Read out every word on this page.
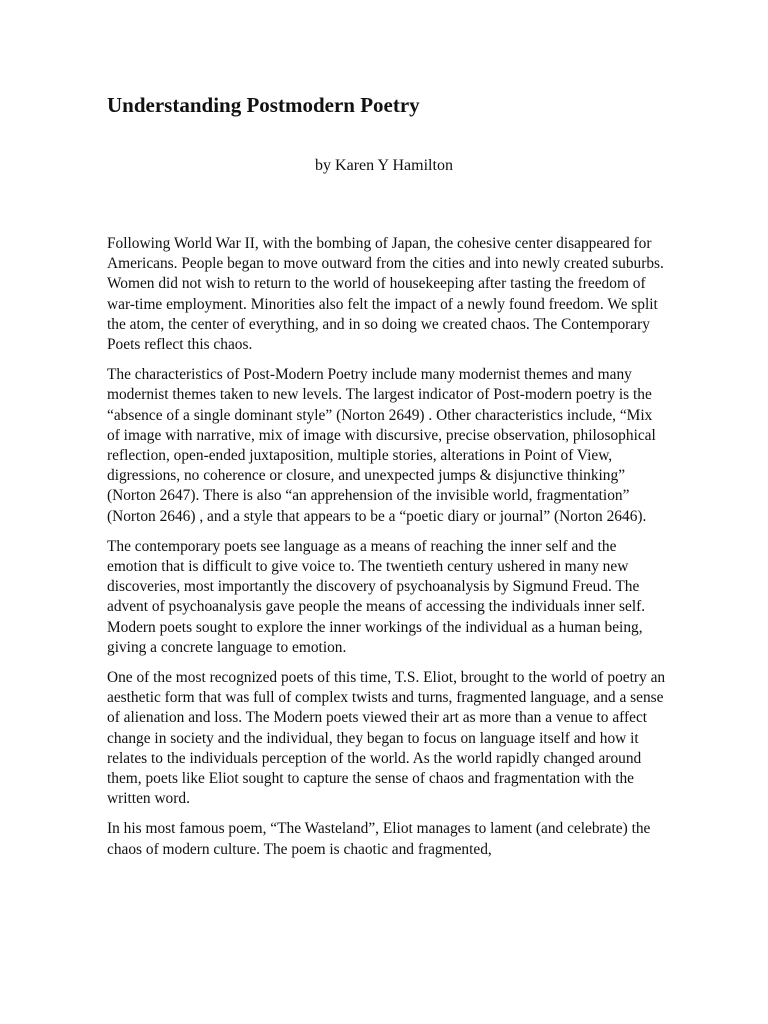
Understanding Postmodern Poetry

by Karen Y Hamilton

Following World War II, with the bombing of Japan, the cohesive center disappeared for Americans. People began to move outward from the cities and into newly created suburbs. Women did not wish to return to the world of housekeeping after tasting the freedom of war-time employment. Minorities also felt the impact of a newly found freedom. We split the atom, the center of everything, and in so doing we created chaos. The Contemporary Poets reflect this chaos.

The characteristics of Post-Modern Poetry include many modernist themes and many modernist themes taken to new levels. The largest indicator of Post-modern poetry is the “absence of a single dominant style” (Norton 2649) . Other characteristics include, “Mix of image with narrative, mix of image with discursive, precise observation, philosophical reflection, open-ended juxtaposition, multiple stories, alterations in Point of View, digressions, no coherence or closure, and unexpected jumps & disjunctive thinking” (Norton 2647). There is also “an apprehension of the invisible world, fragmentation” (Norton 2646) , and a style that appears to be a “poetic diary or journal” (Norton 2646).

The contemporary poets see language as a means of reaching the inner self and the emotion that is difficult to give voice to. The twentieth century ushered in many new discoveries, most importantly the discovery of psychoanalysis by Sigmund Freud. The advent of psychoanalysis gave people the means of accessing the individuals inner self. Modern poets sought to explore the inner workings of the individual as a human being, giving a concrete language to emotion.

One of the most recognized poets of this time, T.S. Eliot, brought to the world of poetry an aesthetic form that was full of complex twists and turns, fragmented language, and a sense of alienation and loss. The Modern poets viewed their art as more than a venue to affect change in society and the individual, they began to focus on language itself and how it relates to the individuals perception of the world. As the world rapidly changed around them, poets like Eliot sought to capture the sense of chaos and fragmentation with the written word.

In his most famous poem, “The Wasteland”, Eliot manages to lament (and celebrate) the chaos of modern culture. The poem is chaotic and fragmented,
